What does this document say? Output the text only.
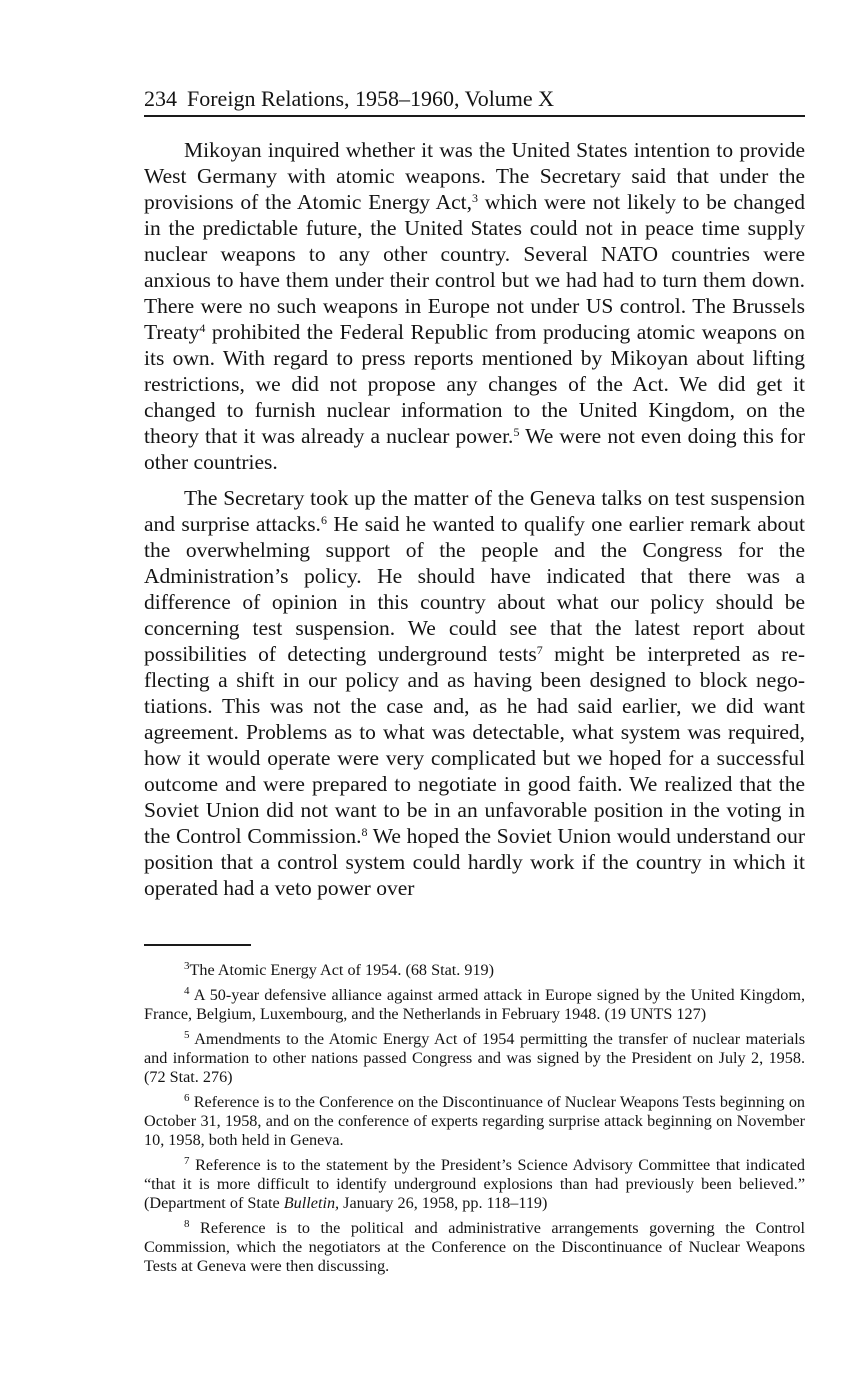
234 Foreign Relations, 1958–1960, Volume X

Mikoyan inquired whether it was the United States intention to provide West Germany with atomic weapons. The Secretary said that under the provisions of the Atomic Energy Act,$^3$ which were not likely to be changed in the predictable future, the United States could not in peace time supply nuclear weapons to any other country. Several NATO countries were anxious to have them under their control but we had had to turn them down. There were no such weapons in Europe not under US control. The Brussels Treaty$^4$ prohibited the Federal Republic from producing atomic weapons on its own. With regard to press reports mentioned by Mikoyan about lifting restrictions, we did not propose any changes of the Act. We did get it changed to furnish nuclear information to the United Kingdom, on the theory that it was already a nuclear power.$^5$ We were not even doing this for other countries.

The Secretary took up the matter of the Geneva talks on test suspension and surprise attacks.$^6$ He said he wanted to qualify one earlier remark about the overwhelming support of the people and the Congress for the Administration’s policy. He should have indicated that there was a difference of opinion in this country about what our policy should be concerning test suspension. We could see that the latest report about possibilities of detecting underground tests$^7$ might be interpreted as reflecting a shift in our policy and as having been designed to block negotiations. This was not the case and, as he had said earlier, we did want agreement. Problems as to what was detectable, what system was required, how it would operate were very complicated but we hoped for a successful outcome and were prepared to negotiate in good faith. We realized that the Soviet Union did not want to be in an unfavorable position in the voting in the Control Commission.$^8$ We hoped the Soviet Union would understand our position that a control system could hardly work if the country in which it operated had a veto power over

$^3$The Atomic Energy Act of 1954. (68 Stat. 919)

$^4$ A 50-year defensive alliance against armed attack in Europe signed by the United Kingdom, France, Belgium, Luxembourg, and the Netherlands in February 1948. (19 UNTS 127)

$^5$ Amendments to the Atomic Energy Act of 1954 permitting the transfer of nuclear materials and information to other nations passed Congress and was signed by the President on July 2, 1958. (72 Stat. 276)

$^6$ Reference is to the Conference on the Discontinuance of Nuclear Weapons Tests beginning on October 31, 1958, and on the conference of experts regarding surprise attack beginning on November 10, 1958, both held in Geneva.

$^7$ Reference is to the statement by the President’s Science Advisory Committee that indicated “that it is more difficult to identify underground explosions than had previously been believed.” (Department of State Bulletin, January 26, 1958, pp. 118–119)

$^8$ Reference is to the political and administrative arrangements governing the Control Commission, which the negotiators at the Conference on the Discontinuance of Nuclear Weapons Tests at Geneva were then discussing.
